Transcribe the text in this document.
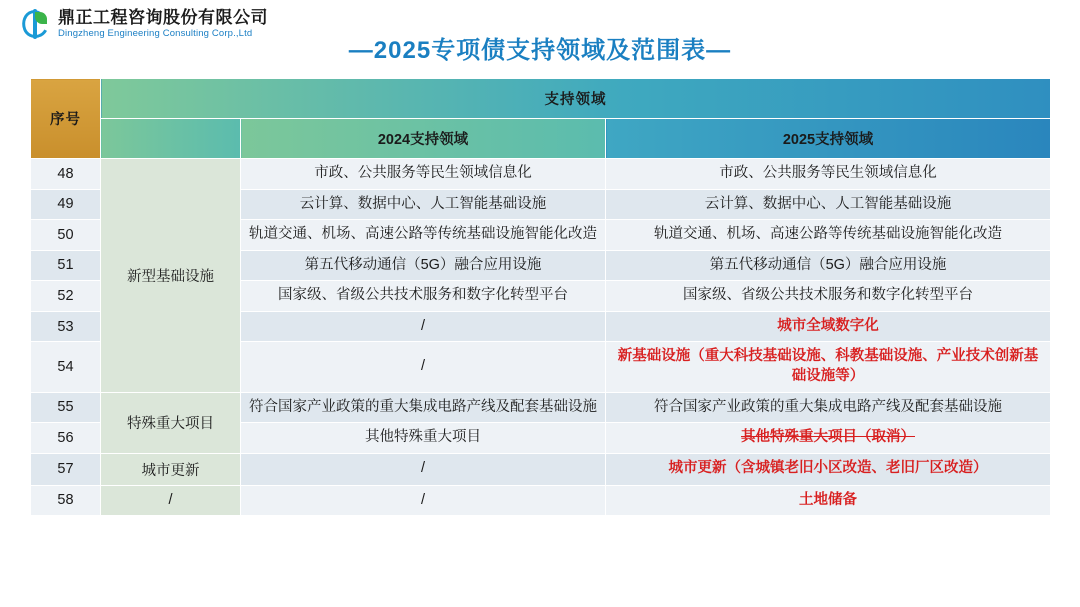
鼎正工程咨询股份有限公司
Dingzheng Engineering Consulting Corp.,Ltd
—2025专项债支持领域及范围表—
序号	支持领域		
		2024支持领域	2025支持领域
48	新型基础设施	市政、公共服务等民生领域信息化	市政、公共服务等民生领域信息化
49		云计算、数据中心、人工智能基础设施	云计算、数据中心、人工智能基础设施
50		轨道交通、机场、高速公路等传统基础设施智能化改造	轨道交通、机场、高速公路等传统基础设施智能化改造
51		第五代移动通信（5G）融合应用设施	第五代移动通信（5G）融合应用设施
52		国家级、省级公共技术服务和数字化转型平台	国家级、省级公共技术服务和数字化转型平台
53		/	城市全域数字化
54		/	新基础设施（重大科技基础设施、科教基础设施、产业技术创新基础设施等）
55	特殊重大项目	符合国家产业政策的重大集成电路产线及配套基础设施	符合国家产业政策的重大集成电路产线及配套基础设施
56		其他特殊重大项目	其他特殊重大项目（取消）
57	城市更新	/	城市更新（含城镇老旧小区改造、老旧厂区改造）
58	/	/	土地储备
